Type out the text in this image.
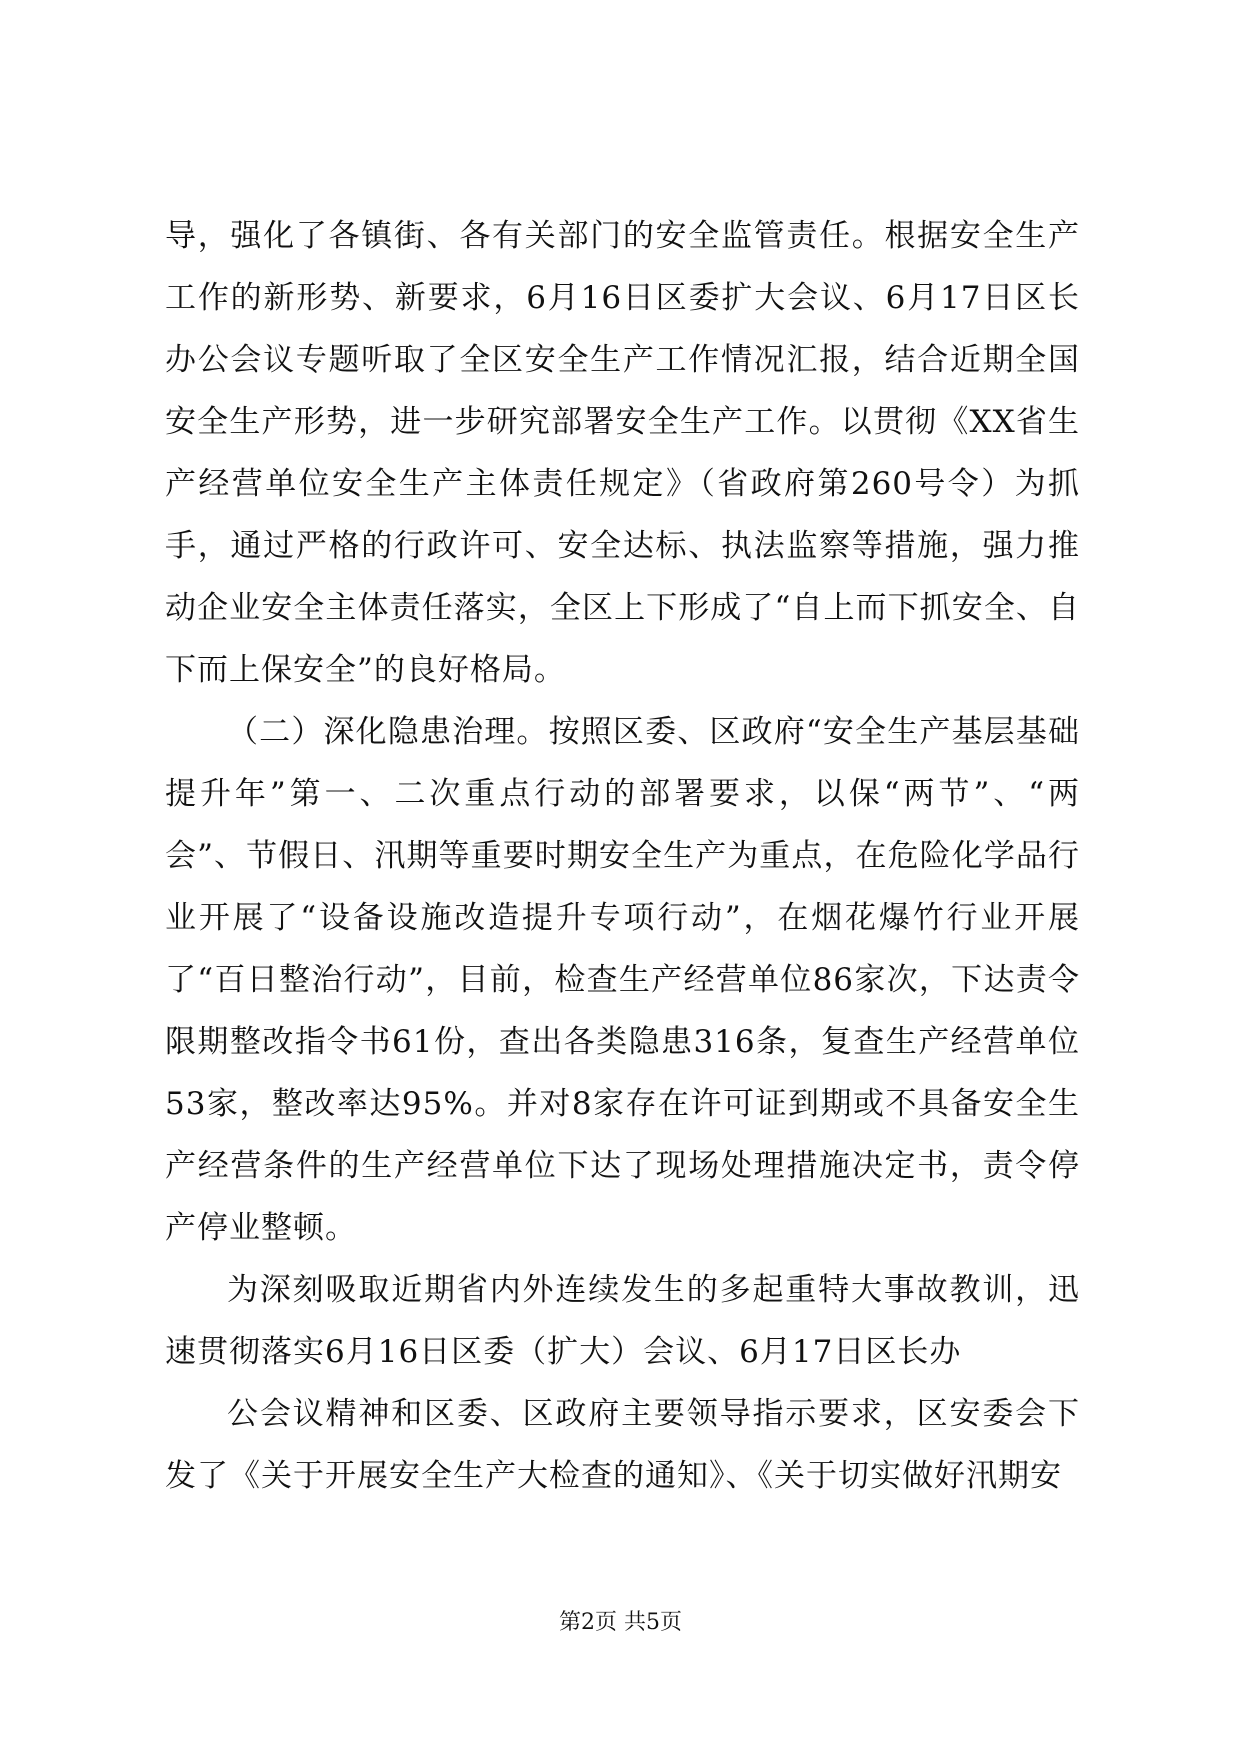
导，强化了各镇街、各有关部门的安全监管责任。根据安全生产工作的新形势、新要求，6月16日区委扩大会议、6月17日区长办公会议专题听取了全区安全生产工作情况汇报，结合近期全国安全生产形势，进一步研究部署安全生产工作。以贯彻《XX省生产经营单位安全生产主体责任规定》（省政府第260号令）为抓手，通过严格的行政许可、安全达标、执法监察等措施，强力推动企业安全主体责任落实，全区上下形成了“自上而下抓安全、自下而上保安全”的良好格局。

（二）深化隐患治理。按照区委、区政府“安全生产基层基础提升年”第一、二次重点行动的部署要求，以保“两节”、“两会”、节假日、汛期等重要时期安全生产为重点，在危险化学品行业开展了“设备设施改造提升专项行动”，在烟花爆竹行业开展了“百日整治行动”，目前，检查生产经营单位86家次，下达责令限期整改指令书61份，查出各类隐患316条，复查生产经营单位53家，整改率达95%。并对8家存在许可证到期或不具备安全生产经营条件的生产经营单位下达了现场处理措施决定书，责令停产停业整顿。

为深刻吸取近期省内外连续发生的多起重特大事故教训，迅速贯彻落实6月16日区委（扩大）会议、6月17日区长办

公会议精神和区委、区政府主要领导指示要求，区安委会下发了《关于开展安全生产大检查的通知》、《关于切实做好汛期安

第2页 共5页
